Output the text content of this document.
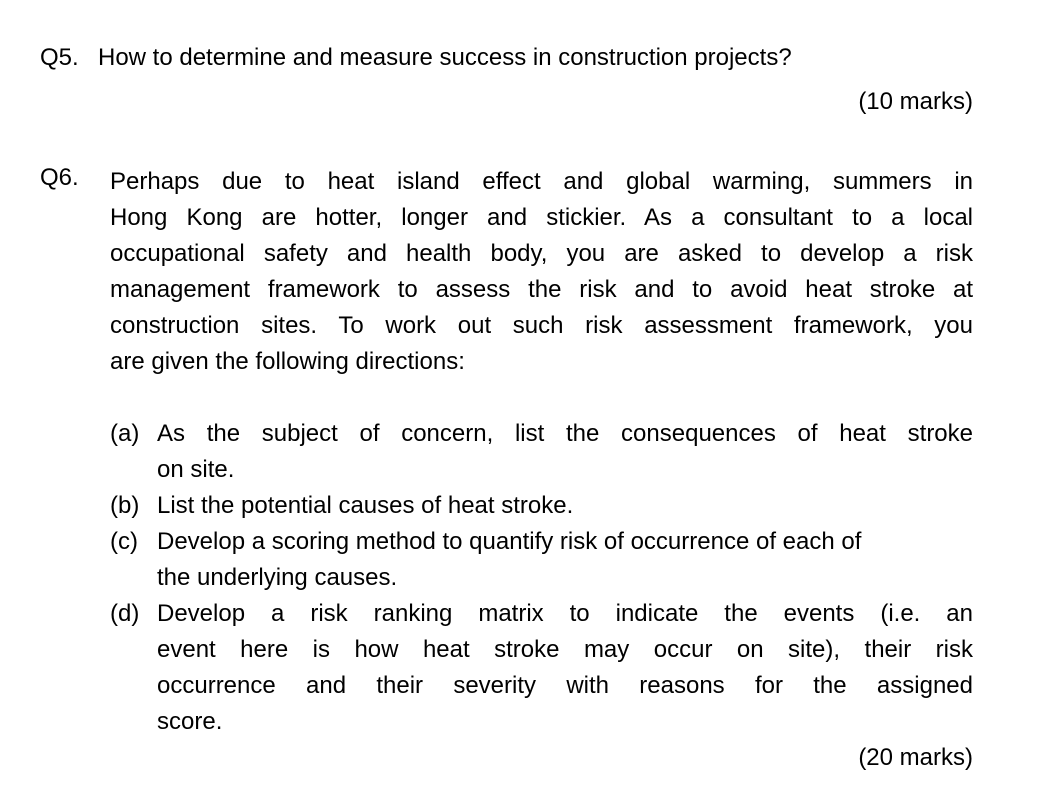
Q5. How to determine and measure success in construction projects?
(10 marks)
Q6. Perhaps due to heat island effect and global warming, summers in
Hong Kong are hotter, longer and stickier. As a consultant to a local
occupational safety and health body, you are asked to develop a risk
management framework to assess the risk and to avoid heat stroke at
construction sites. To work out such risk assessment framework, you
are given the following directions:
(a) As the subject of concern, list the consequences of heat stroke
on site.
(b) List the potential causes of heat stroke.
(c) Develop a scoring method to quantify risk of occurrence of each of
the underlying causes.
(d) Develop a risk ranking matrix to indicate the events (i.e. an
event here is how heat stroke may occur on site), their risk
occurrence and their severity with reasons for the assigned
score.
(20 marks)
